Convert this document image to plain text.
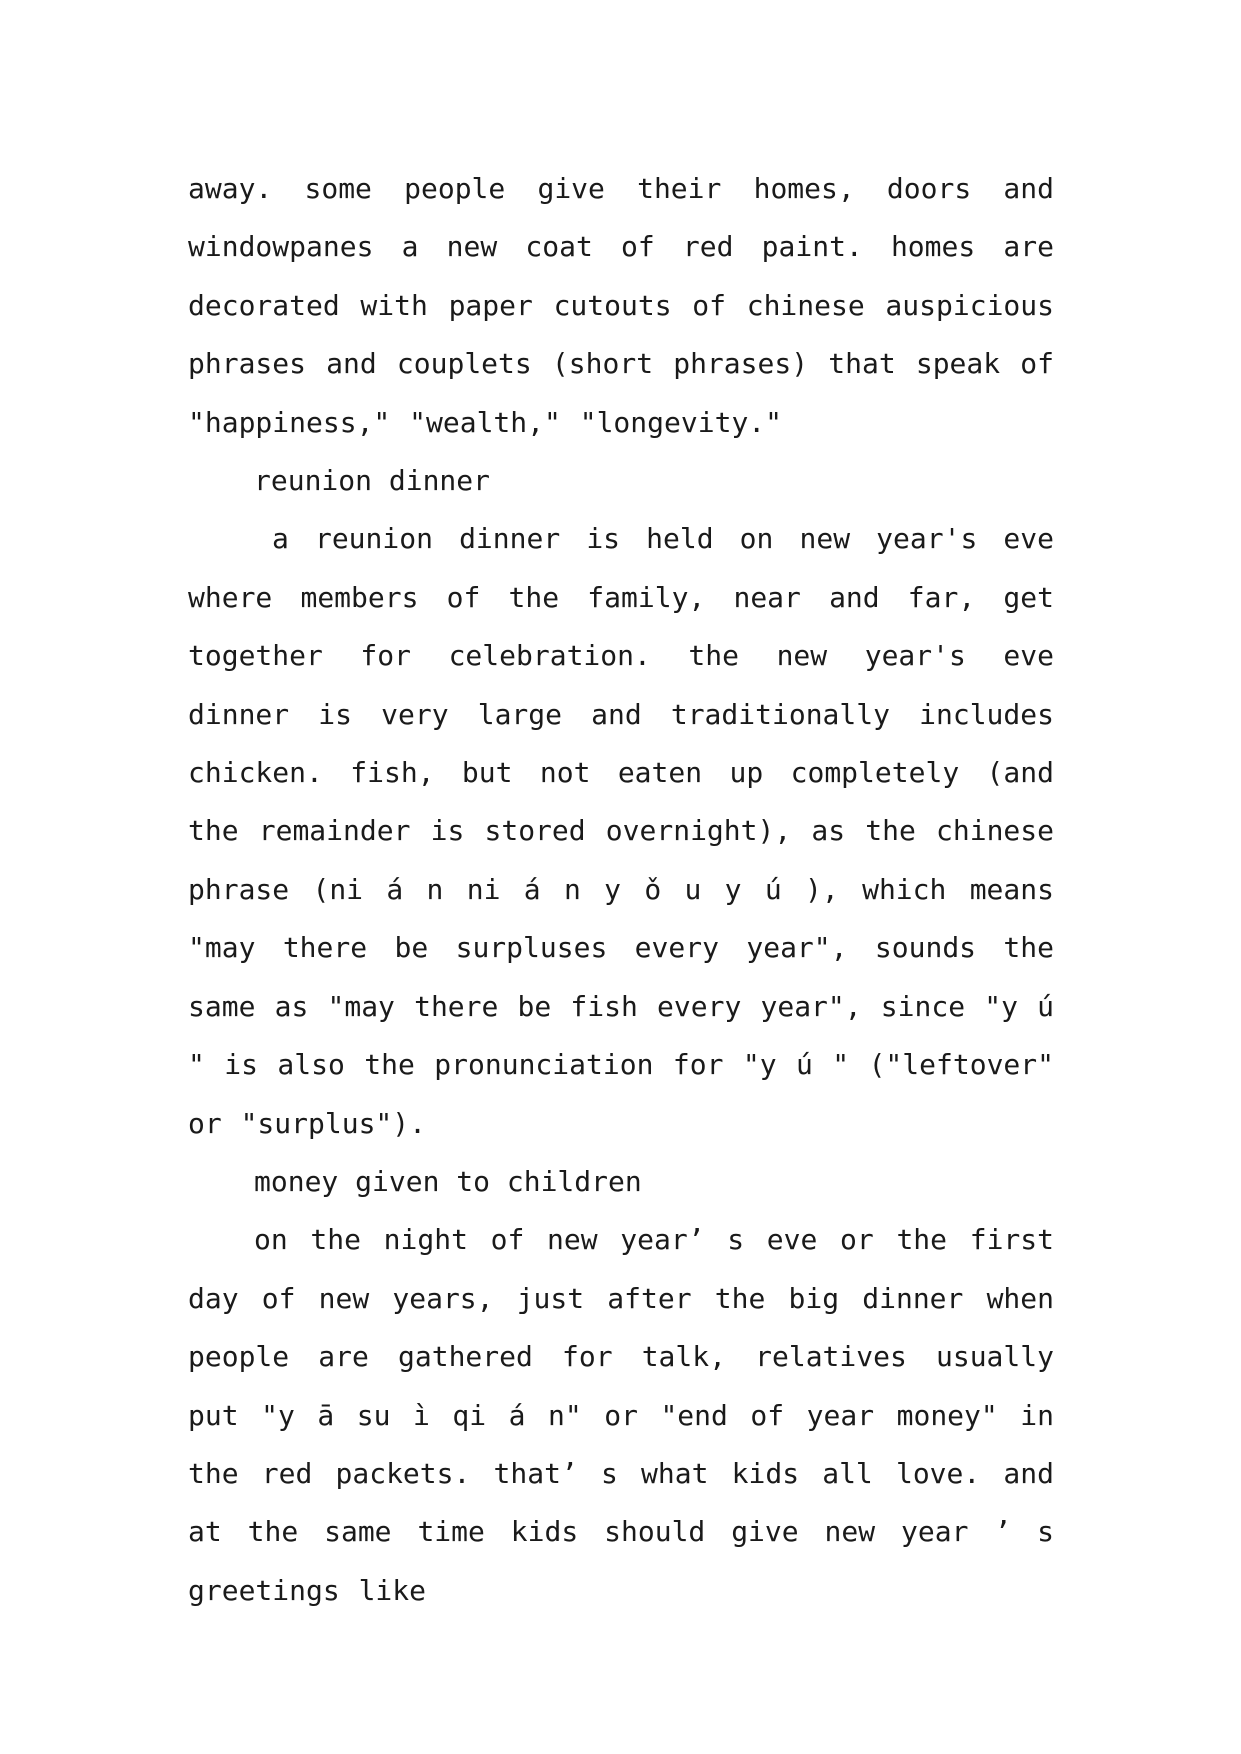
away. some people give their homes, doors and windowpanes a new coat of red paint. homes are decorated with paper cutouts of chinese auspicious phrases and couplets (short phrases) that speak of "happiness," "wealth," "longevity."

reunion dinner

a reunion dinner is held on new year's eve where members of the family, near and far, get together for celebration. the new year's eve dinner is very large and traditionally includes chicken. fish, but not eaten up completely (and the remainder is stored overnight), as the chinese phrase (ni á n ni á n y ǒ u y ú ), which means "may there be surpluses every year", sounds the same as "may there be fish every year", since "y ú " is also the pronunciation for "y ú " ("leftover" or "surplus").

money given to children

on the night of new year’ s eve or the first day of new years, just after the big dinner when people are gathered for talk, relatives usually put "y ā su ì qi á n" or "end of year money" in the red packets. that’ s what kids all love. and at the same time kids should give new year ’ s greetings like
